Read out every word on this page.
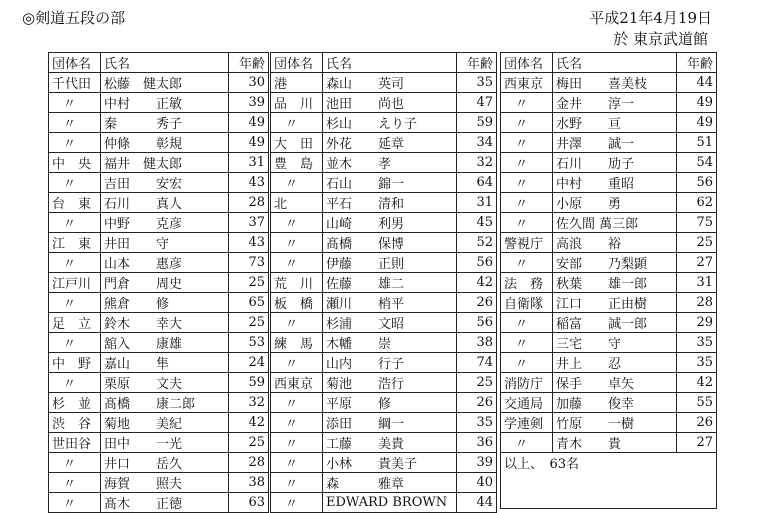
◎剣道五段の部	平成21年4月19日
於 東京武道館
団体名	氏名	年齢
千代田	松藤　健太郎	30
〃	中村　　正敏	39
〃	秦　　　秀子	49
〃	仲條　　彰規	49
中　央	福井　健太郎	31
〃	吉田　　安宏	43
台　東	石川　　真人	28
〃	中野　　克彦	37
江　東	井田　　守	43
〃	山本　　惠彦	73
江戸川	門倉　　周史	25
〃	熊倉　　修	65
足　立	鈴木　　幸大	25
〃	舘入　　康雄	53
中　野	嘉山　　隼	24
〃	栗原　　文夫	59
杉　並	髙橋　　康二郎	32
渋　谷	菊地　　美紀	42
世田谷	田中　　一光	25
〃	井口　　岳久	28
〃	海賀　　照夫	38
〃	髙木　　正徳	63
団体名	氏名	年齢
港	森山　　英司	35
品　川	池田　　尚也	47
〃	杉山　　えり子	59
大　田	外花　　延章	34
豊　島	並木　　孝	32
〃	石山　　錦一	64
北	平石　　清和	31
〃	山崎　　利男	45
〃	髙橋　　保博	52
〃	伊藤　　正則	56
荒　川	佐藤　　雄二	42
板　橋	瀬川　　梢平	26
〃	杉浦　　文昭	56
練　馬	木幡　　崇	38
〃	山内　　行子	74
西東京	菊池　　浩行	25
〃	平原　　修	26
〃	添田　　綱一	35
〃	工藤　　美貴	36
〃	小林　　貴美子	39
〃	森　　　雅章	40
〃	EDWARD BROWN	44
団体名	氏名	年齢
西東京	梅田　　喜美枝	44
〃	金井　　淳一	49
〃	水野　　亘	49
〃	井澤　　誠一	51
〃	石川　　劢子	54
〃	中村　　重昭	56
〃	小原　　勇	62
〃	佐久間 萬三郎	75
警視庁	高浪　　裕	25
〃	安部　　乃梨顕	27
法　務	秋葉　　雄一郎	31
自衛隊	江口　　正由樹	28
〃	稲富　　誠一郎	29
〃	三宅　　守	35
〃	井上　　忍	35
消防庁	保手　　卓矢	42
交通局	加藤　　俊幸	55
学連剣	竹原　　一樹	26
〃	青木　　貴	27
以上、　63名		
